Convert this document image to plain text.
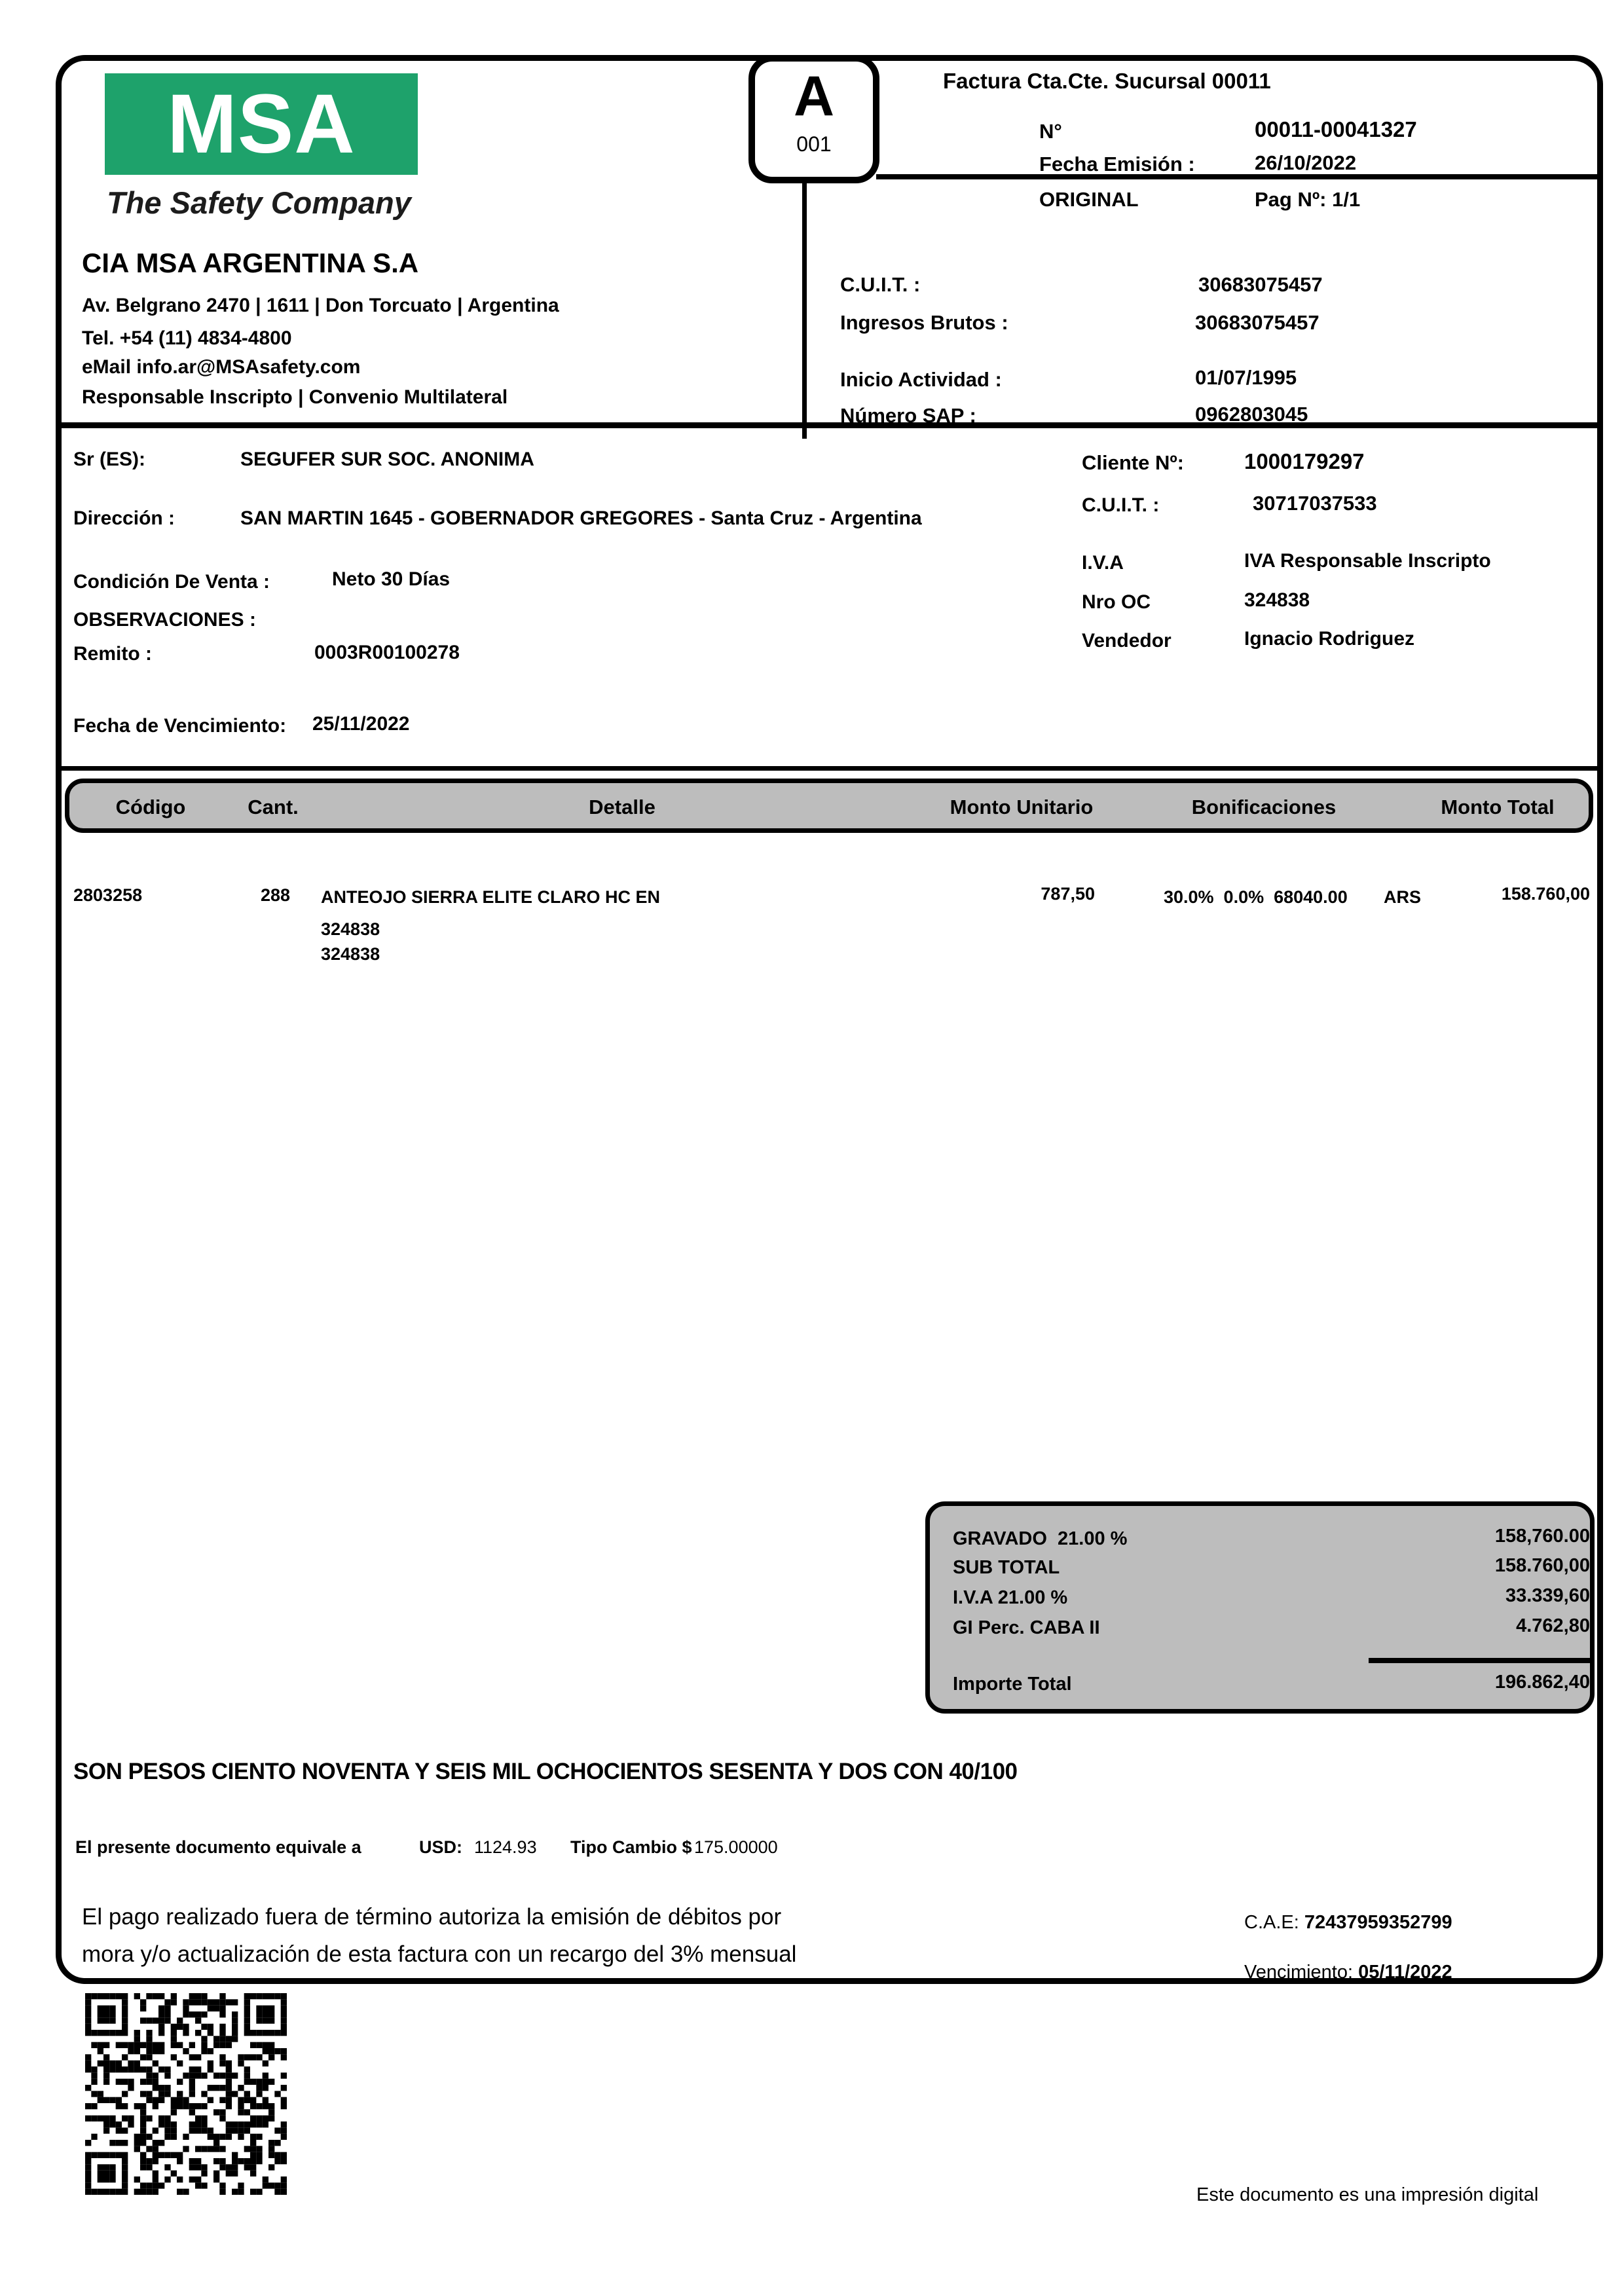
MSA
The Safety Company
CIA MSA ARGENTINA S.A
Av. Belgrano 2470 | 1611 | Don Torcuato | Argentina
Tel. +54 (11) 4834-4800
eMail info.ar@MSAsafety.com
Responsable Inscripto | Convenio Multilateral
A
001
Factura Cta.Cte. Sucursal 00011
N°	00011-00041327
Fecha Emisión :	26/10/2022
ORIGINAL	Pag Nº: 1/1
C.U.I.T. :	30683075457
Ingresos Brutos :	30683075457
Inicio Actividad :	01/07/1995
Número SAP :	0962803045
Sr (ES):	SEGUFER SUR SOC. ANONIMA
Dirección :	SAN MARTIN 1645 - GOBERNADOR GREGORES - Santa Cruz - Argentina
Condición De Venta :	Neto 30 Días
OBSERVACIONES :
Remito :	0003R00100278
Fecha de Vencimiento: 25/11/2022
Cliente Nº:	1000179297
C.U.I.T. :	30717037533
I.V.A	IVA Responsable Inscripto
Nro OC	324838
Vendedor	Ignacio Rodriguez
Código	Cant.	Detalle	Monto Unitario	Bonificaciones	Monto Total
2803258	288 ANTEOJO SIERRA ELITE CLARO HC EN	787,50	30.0%  0.0%  68040.00 ARS	158.760,00
324838
324838
GRAVADO  21.00 %	158,760.00
SUB TOTAL	158.760,00
I.V.A 21.00 %	33.339,60
GI Perc. CABA II	4.762,80
Importe Total	196.862,40
SON PESOS CIENTO NOVENTA Y SEIS MIL OCHOCIENTOS SESENTA Y DOS CON 40/100
El presente documento equivale a	USD: 1124.93 Tipo Cambio $ 175.00000
El pago realizado fuera de término autoriza la emisión de débitos por
mora y/o actualización de esta factura con un recargo del 3% mensual
C.A.E: 72437959352799
Vencimiento: 05/11/2022
Este documento es una impresión digital
